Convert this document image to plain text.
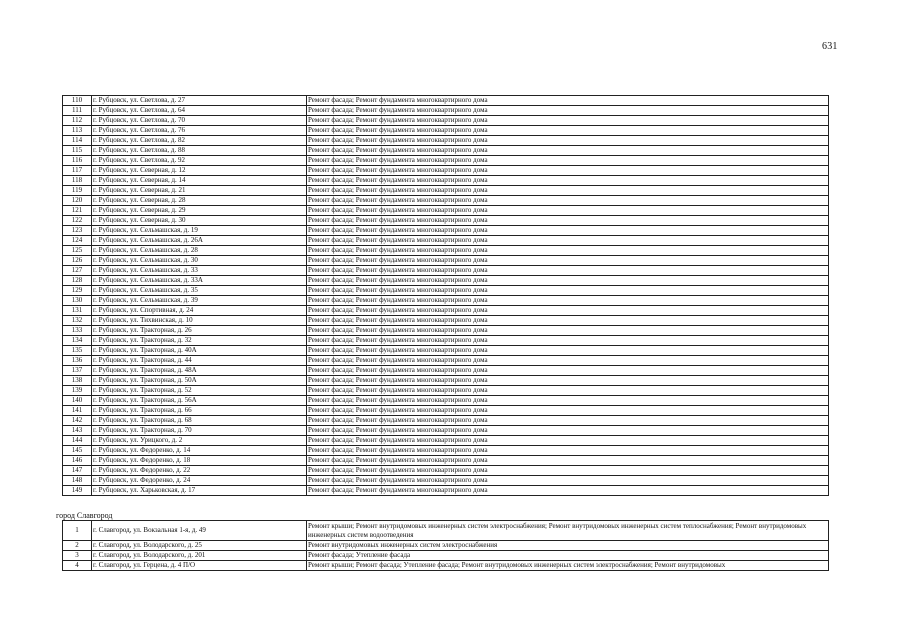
631
110	г. Рубцовск, ул. Светлова, д. 27	Ремонт фасада; Ремонт фундамента многоквартирного дома
111	г. Рубцовск, ул. Светлова, д. 64	Ремонт фасада; Ремонт фундамента многоквартирного дома
112	г. Рубцовск, ул. Светлова, д. 70	Ремонт фасада; Ремонт фундамента многоквартирного дома
113	г. Рубцовск, ул. Светлова, д. 76	Ремонт фасада; Ремонт фундамента многоквартирного дома
114	г. Рубцовск, ул. Светлова, д. 82	Ремонт фасада; Ремонт фундамента многоквартирного дома
115	г. Рубцовск, ул. Светлова, д. 88	Ремонт фасада; Ремонт фундамента многоквартирного дома
116	г. Рубцовск, ул. Светлова, д. 92	Ремонт фасада; Ремонт фундамента многоквартирного дома
117	г. Рубцовск, ул. Северная, д. 12	Ремонт фасада; Ремонт фундамента многоквартирного дома
118	г. Рубцовск, ул. Северная, д. 14	Ремонт фасада; Ремонт фундамента многоквартирного дома
119	г. Рубцовск, ул. Северная, д. 21	Ремонт фасада; Ремонт фундамента многоквартирного дома
120	г. Рубцовск, ул. Северная, д. 28	Ремонт фасада; Ремонт фундамента многоквартирного дома
121	г. Рубцовск, ул. Северная, д. 29	Ремонт фасада; Ремонт фундамента многоквартирного дома
122	г. Рубцовск, ул. Северная, д. 30	Ремонт фасада; Ремонт фундамента многоквартирного дома
123	г. Рубцовск, ул. Сельмашская, д. 19	Ремонт фасада; Ремонт фундамента многоквартирного дома
124	г. Рубцовск, ул. Сельмашская, д. 26А	Ремонт фасада; Ремонт фундамента многоквартирного дома
125	г. Рубцовск, ул. Сельмашская, д. 28	Ремонт фасада; Ремонт фундамента многоквартирного дома
126	г. Рубцовск, ул. Сельмашская, д. 30	Ремонт фасада; Ремонт фундамента многоквартирного дома
127	г. Рубцовск, ул. Сельмашская, д. 33	Ремонт фасада; Ремонт фундамента многоквартирного дома
128	г. Рубцовск, ул. Сельмашская, д. 33А	Ремонт фасада; Ремонт фундамента многоквартирного дома
129	г. Рубцовск, ул. Сельмашская, д. 35	Ремонт фасада; Ремонт фундамента многоквартирного дома
130	г. Рубцовск, ул. Сельмашская, д. 39	Ремонт фасада; Ремонт фундамента многоквартирного дома
131	г. Рубцовск, ул. Спортивная, д. 24	Ремонт фасада; Ремонт фундамента многоквартирного дома
132	г. Рубцовск, ул. Тихвинская, д. 10	Ремонт фасада; Ремонт фундамента многоквартирного дома
133	г. Рубцовск, ул. Тракторная, д. 26	Ремонт фасада; Ремонт фундамента многоквартирного дома
134	г. Рубцовск, ул. Тракторная, д. 32	Ремонт фасада; Ремонт фундамента многоквартирного дома
135	г. Рубцовск, ул. Тракторная, д. 40А	Ремонт фасада; Ремонт фундамента многоквартирного дома
136	г. Рубцовск, ул. Тракторная, д. 44	Ремонт фасада; Ремонт фундамента многоквартирного дома
137	г. Рубцовск, ул. Тракторная, д. 48А	Ремонт фасада; Ремонт фундамента многоквартирного дома
138	г. Рубцовск, ул. Тракторная, д. 50А	Ремонт фасада; Ремонт фундамента многоквартирного дома
139	г. Рубцовск, ул. Тракторная, д. 52	Ремонт фасада; Ремонт фундамента многоквартирного дома
140	г. Рубцовск, ул. Тракторная, д. 56А	Ремонт фасада; Ремонт фундамента многоквартирного дома
141	г. Рубцовск, ул. Тракторная, д. 66	Ремонт фасада; Ремонт фундамента многоквартирного дома
142	г. Рубцовск, ул. Тракторная, д. 68	Ремонт фасада; Ремонт фундамента многоквартирного дома
143	г. Рубцовск, ул. Тракторная, д. 70	Ремонт фасада; Ремонт фундамента многоквартирного дома
144	г. Рубцовск, ул. Урицкого, д. 2	Ремонт фасада; Ремонт фундамента многоквартирного дома
145	г. Рубцовск, ул. Федоренко, д. 14	Ремонт фасада; Ремонт фундамента многоквартирного дома
146	г. Рубцовск, ул. Федоренко, д. 18	Ремонт фасада; Ремонт фундамента многоквартирного дома
147	г. Рубцовск, ул. Федоренко, д. 22	Ремонт фасада; Ремонт фундамента многоквартирного дома
148	г. Рубцовск, ул. Федоренко, д. 24	Ремонт фасада; Ремонт фундамента многоквартирного дома
149	г. Рубцовск, ул. Харьковская, д. 17	Ремонт фасада; Ремонт фундамента многоквартирного дома
город Славгород
1	г. Славгород, ул. Вокзальная 1-я, д. 49	Ремонт крыши; Ремонт внутридомовых инженерных систем электроснабжения; Ремонт внутридомовых инженерных систем теплоснабжения; Ремонт внутридомовых инженерных систем водоотведения
2	г. Славгород, ул. Володарского, д. 25	Ремонт внутридомовых инженерных систем электроснабжения
3	г. Славгород, ул. Володарского, д. 201	Ремонт фасада; Утепление фасада
4	г. Славгород, ул. Герцена, д. 4 П/О	Ремонт крыши; Ремонт фасада; Утепление фасада; Ремонт внутридомовых инженерных систем электроснабжения; Ремонт внутридомовых
